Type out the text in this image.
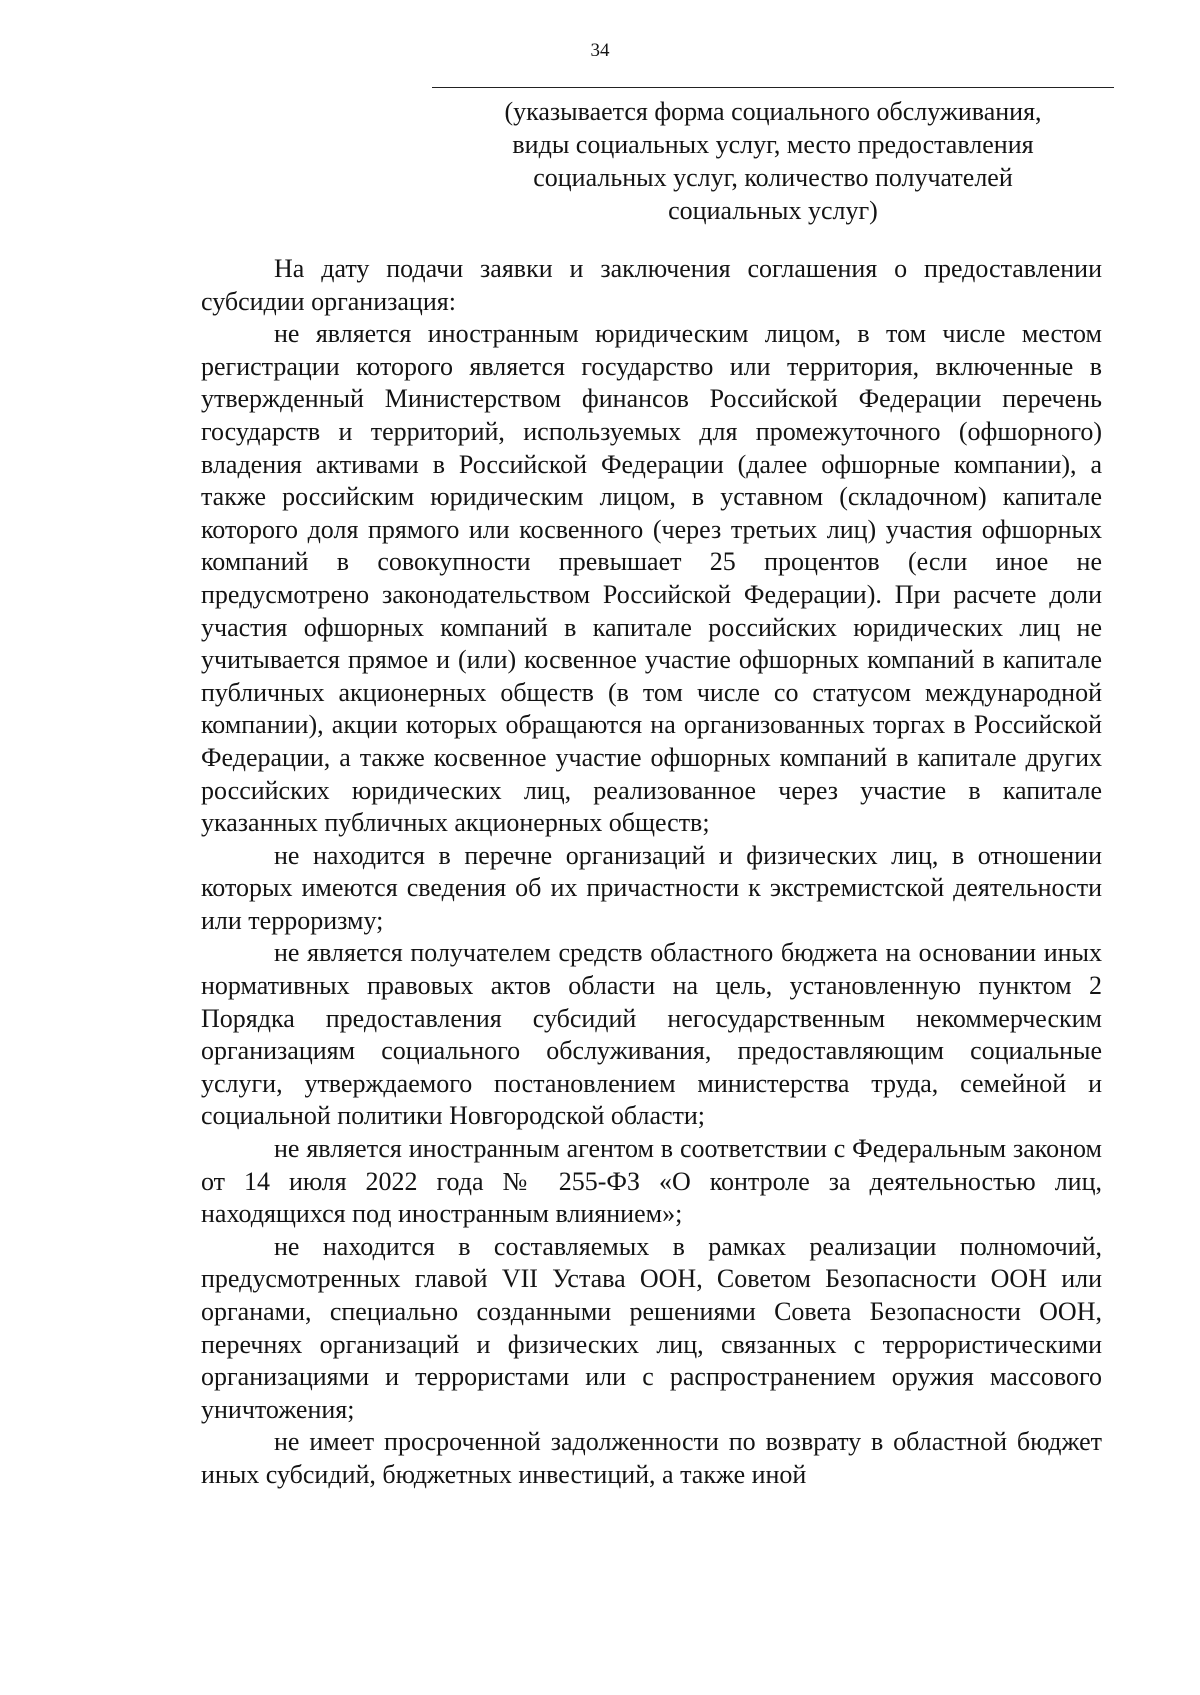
34

(указывается форма социального обслуживания,

виды социальных услуг, место предоставления

социальных услуг, количество получателей

социальных услуг)

На дату подачи заявки и заключения соглашения о предоставлении субсидии организация:

не является иностранным юридическим лицом, в том числе местом регистрации которого является государство или территория, включенные в утвержденный Министерством финансов Российской Федерации перечень государств и территорий, используемых для промежуточного (офшорного) владения активами в Российской Федерации (далее офшорные компании), а также российским юридическим лицом, в уставном (складочном) капитале которого доля прямого или косвенного (через третьих лиц) участия офшорных компаний в совокупности превышает 25 процентов (если иное не предусмотрено законодательством Российской Федерации). При расчете доли участия офшорных компаний в капитале российских юридических лиц не учитывается прямое и (или) косвенное участие офшорных компаний в капитале публичных акционерных обществ (в том числе со статусом международной компании), акции которых обращаются на организованных торгах в Российской Федерации, а также косвенное участие офшорных компаний в капитале других российских юридических лиц, реализованное через участие в капитале указанных публичных акционерных обществ;

не находится в перечне организаций и физических лиц, в отношении которых имеются сведения об их причастности к экстремистской деятельности или терроризму;

не является получателем средств областного бюджета на основании иных нормативных правовых актов области на цель, установленную пунктом 2 Порядка предоставления субсидий негосударственным некоммерческим организациям социального обслуживания, предоставляющим социальные услуги, утверждаемого постановлением министерства труда, семейной и социальной политики Новгородской области;

не является иностранным агентом в соответствии с Федеральным законом от 14 июля 2022 года № 255-ФЗ «О контроле за деятельностью лиц, находящихся под иностранным влиянием»;

не находится в составляемых в рамках реализации полномочий, предусмотренных главой VII Устава ООН, Советом Безопасности ООН или органами, специально созданными решениями Совета Безопасности ООН, перечнях организаций и физических лиц, связанных с террористическими организациями и террористами или с распространением оружия массового уничтожения;

не имеет просроченной задолженности по возврату в областной бюджет иных субсидий, бюджетных инвестиций, а также иной
